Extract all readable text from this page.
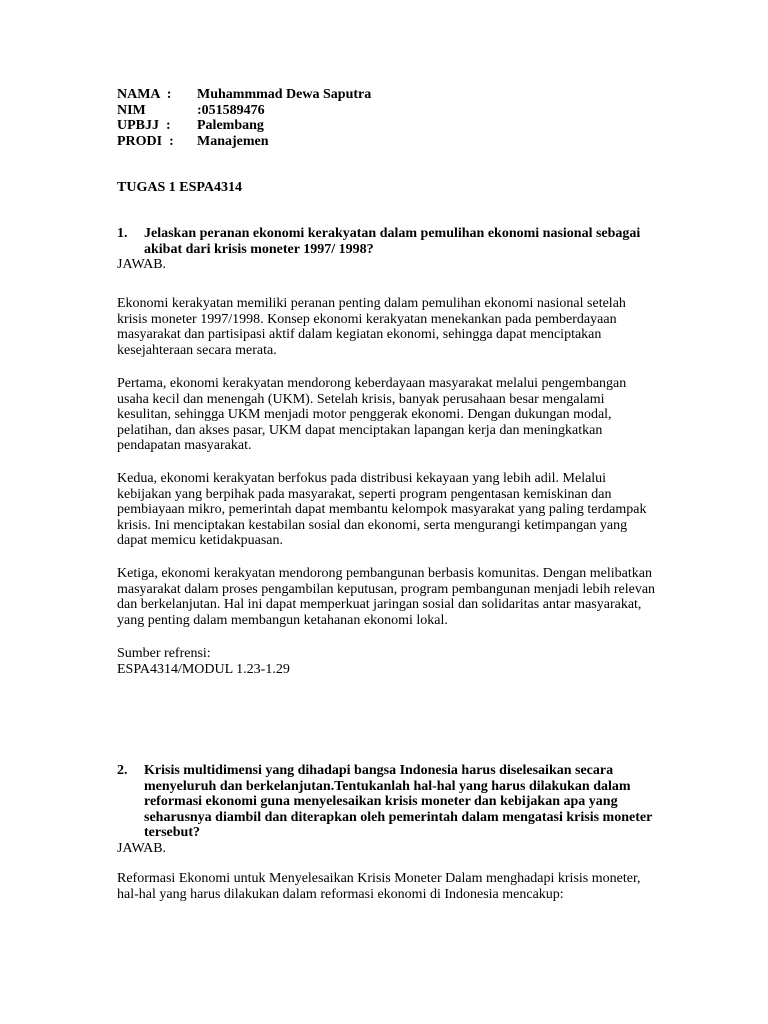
NAMA  :	Muhammmad Dewa Saputra
NIM	:051589476
UPBJJ  :	Palembang
PRODI  :	Manajemen
TUGAS 1 ESPA4314
1.	Jelaskan peranan ekonomi kerakyatan dalam pemulihan ekonomi nasional sebagai akibat dari krisis moneter 1997/ 1998?
JAWAB.

Ekonomi kerakyatan memiliki peranan penting dalam pemulihan ekonomi nasional setelah krisis moneter 1997/1998. Konsep ekonomi kerakyatan menekankan pada pemberdayaan masyarakat dan partisipasi aktif dalam kegiatan ekonomi, sehingga dapat menciptakan kesejahteraan secara merata.

Pertama, ekonomi kerakyatan mendorong keberdayaan masyarakat melalui pengembangan usaha kecil dan menengah (UKM). Setelah krisis, banyak perusahaan besar mengalami kesulitan, sehingga UKM menjadi motor penggerak ekonomi. Dengan dukungan modal, pelatihan, dan akses pasar, UKM dapat menciptakan lapangan kerja dan meningkatkan pendapatan masyarakat.

Kedua, ekonomi kerakyatan berfokus pada distribusi kekayaan yang lebih adil. Melalui kebijakan yang berpihak pada masyarakat, seperti program pengentasan kemiskinan dan pembiayaan mikro, pemerintah dapat membantu kelompok masyarakat yang paling terdampak krisis. Ini menciptakan kestabilan sosial dan ekonomi, serta mengurangi ketimpangan yang dapat memicu ketidakpuasan.

Ketiga, ekonomi kerakyatan mendorong pembangunan berbasis komunitas. Dengan melibatkan masyarakat dalam proses pengambilan keputusan, program pembangunan menjadi lebih relevan dan berkelanjutan. Hal ini dapat memperkuat jaringan sosial dan solidaritas antar masyarakat, yang penting dalam membangun ketahanan ekonomi lokal.

Sumber refrensi:
ESPA4314/MODUL 1.23-1.29
2.	Krisis multidimensi yang dihadapi bangsa Indonesia harus diselesaikan secara menyeluruh dan berkelanjutan.Tentukanlah hal-hal yang harus dilakukan dalam reformasi ekonomi guna menyelesaikan krisis moneter dan kebijakan apa yang seharusnya diambil dan diterapkan oleh pemerintah dalam mengatasi krisis moneter tersebut?
JAWAB.

Reformasi Ekonomi untuk Menyelesaikan Krisis Moneter Dalam menghadapi krisis moneter, hal-hal yang harus dilakukan dalam reformasi ekonomi di Indonesia mencakup:
